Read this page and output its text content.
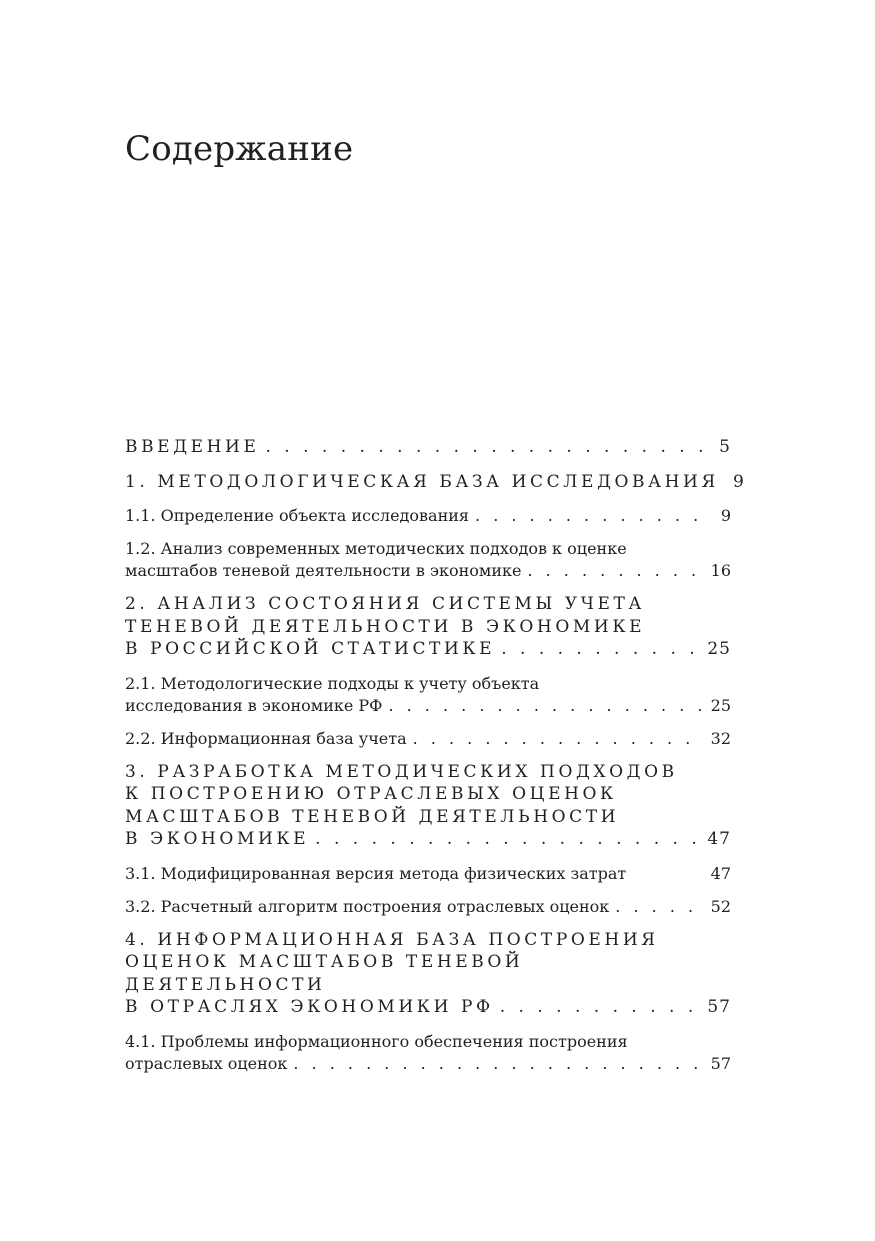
Содержание
ВВЕДЕНИЕ . . .	5
1. МЕТОДОЛОГИЧЕСКАЯ БАЗА ИССЛЕДОВАНИЯ 9
1.1. Определение объекта исследования . . .	9
1.2. Анализ современных методических подходов к оценке
масштабов теневой деятельности в экономике . . .	16
2. АНАЛИЗ СОСТОЯНИЯ СИСТЕМЫ УЧЕТА
ТЕНЕВОЙ ДЕЯТЕЛЬНОСТИ В ЭКОНОМИКЕ
В РОССИЙСКОЙ СТАТИСТИКЕ . . .	25
2.1. Методологические подходы к учету объекта
исследования в экономике РФ . . .	25
2.2. Информационная база учета . . .	32
3. РАЗРАБОТКА МЕТОДИЧЕСКИХ ПОДХОДОВ
К ПОСТРОЕНИЮ ОТРАСЛЕВЫХ ОЦЕНОК
МАСШТАБОВ ТЕНЕВОЙ ДЕЯТЕЛЬНОСТИ
В ЭКОНОМИКЕ . . .	47
3.1. Модифицированная версия метода физических затрат	47
3.2. Расчетный алгоритм построения отраслевых оценок . . .	52
4. ИНФОРМАЦИОННАЯ БАЗА ПОСТРОЕНИЯ
ОЦЕНОК МАСШТАБОВ ТЕНЕВОЙ ДЕЯТЕЛЬНОСТИ
В ОТРАСЛЯХ ЭКОНОМИКИ РФ . . .	57
4.1. Проблемы информационного обеспечения построения
отраслевых оценок . . .	57
